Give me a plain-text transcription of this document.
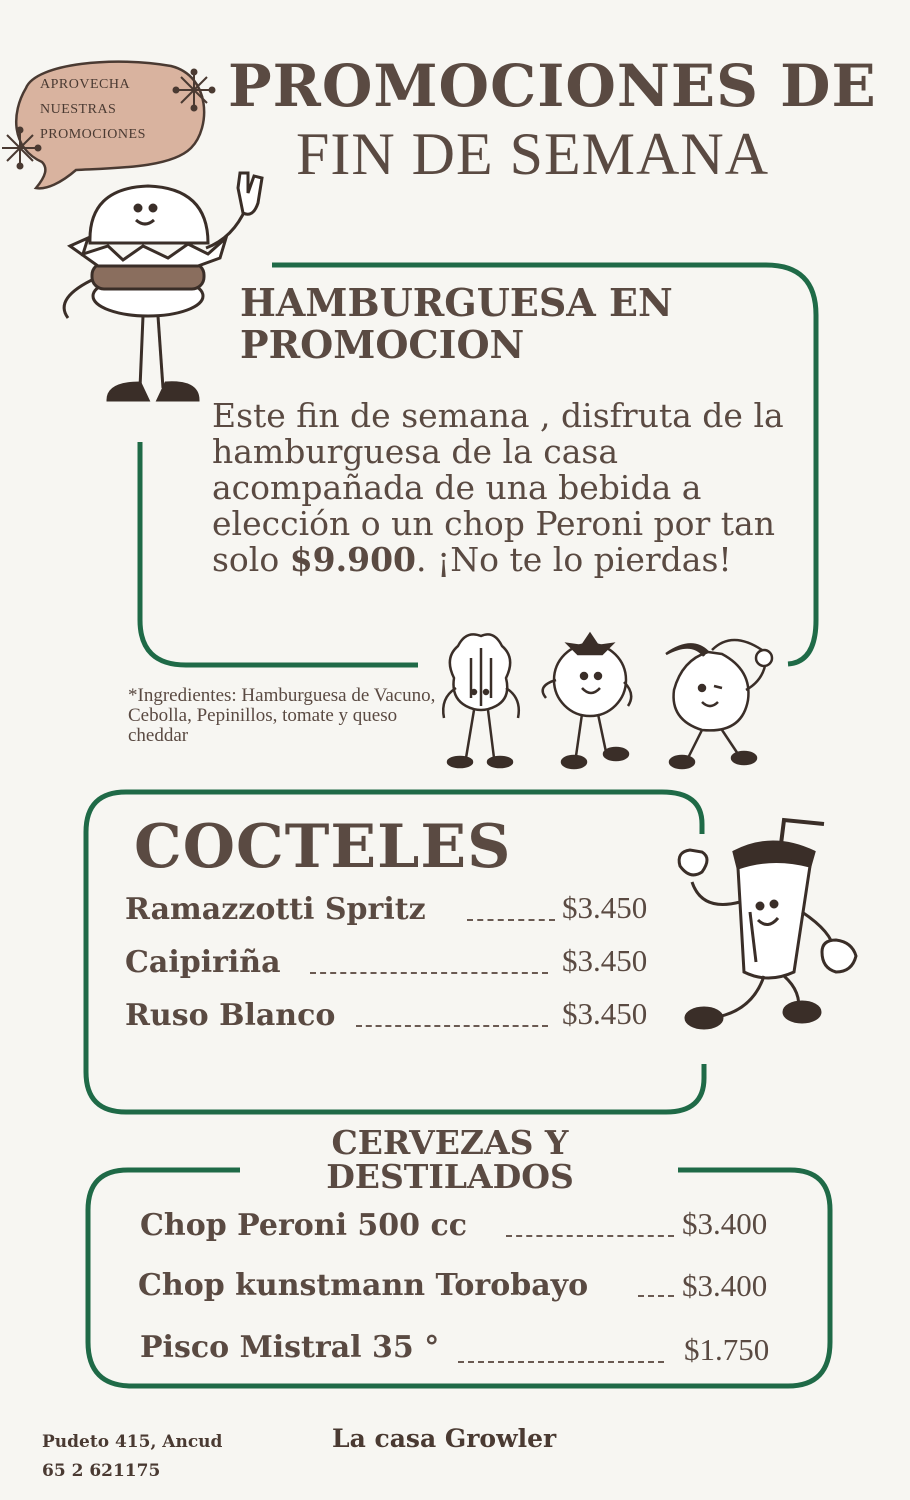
PROMOCIONES DE
FIN DE SEMANA
APROVECHA
NUESTRAS
PROMOCIONES
HAMBURGUESA EN
PROMOCION
Este fin de semana , disfruta de la hamburguesa de la casa acompañada de una bebida a elección o un chop Peroni por tan solo $9.900. ¡No te lo pierdas!
*Ingredientes: Hamburguesa de Vacuno, Cebolla, Pepinillos, tomate y queso cheddar
COCTELES
Ramazzotti Spritz	$3.450
Caipiriña	$3.450
Ruso Blanco	$3.450
CERVEZAS Y
DESTILADOS
Chop Peroni 500 cc	$3.400
Chop kunstmann Torobayo	$3.400
Pisco Mistral 35 °	$1.750
Pudeto 415, Ancud
65 2 621175
La casa Growler
